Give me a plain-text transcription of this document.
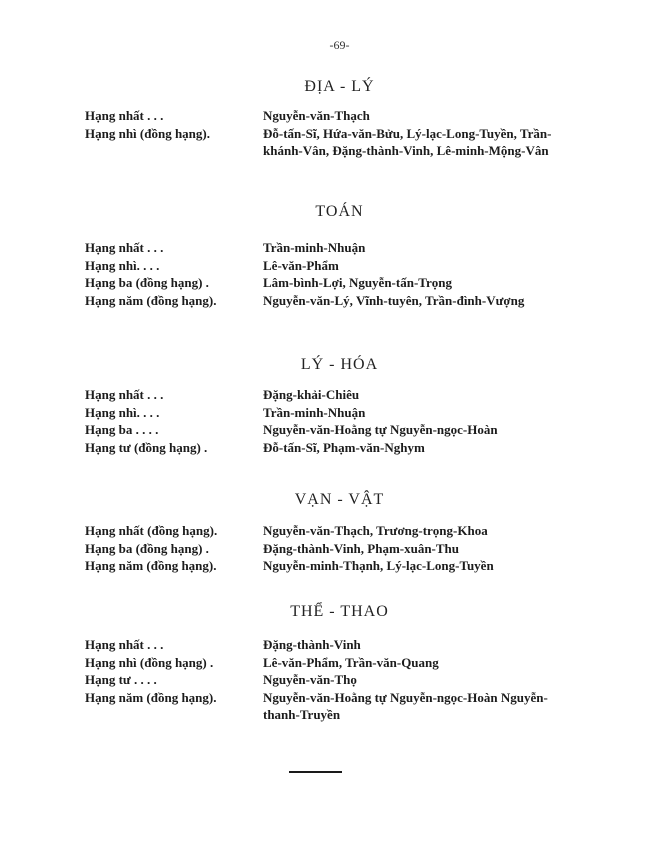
-69-
ĐỊA - LÝ
Hạng nhất . . .	Nguyễn-văn-Thạch
Hạng nhì (đồng hạng).	Đỗ-tấn-Sĩ, Hứa-văn-Bửu, Lý-lạc-Long-Tuyền, Trần-khánh-Vân, Đặng-thành-Vinh, Lê-minh-Mộng-Vân
TOÁN
Hạng nhất . . .	Trần-minh-Nhuận
Hạng nhì. . . .	Lê-văn-Phẩm
Hạng ba (đồng hạng) .	Lâm-bình-Lợi, Nguyễn-tấn-Trọng
Hạng năm (đồng hạng).	Nguyễn-văn-Lý, Vĩnh-tuyên, Trần-đình-Vượng
LÝ - HÓA
Hạng nhất . . .	Đặng-khải-Chiêu
Hạng nhì. . . .	Trần-minh-Nhuận
Hạng ba . . . .	Nguyễn-văn-Hoằng tự Nguyễn-ngọc-Hoàn
Hạng tư (đồng hạng) .	Đỗ-tấn-Sĩ, Phạm-văn-Nghym
VẠN - VẬT
Hạng nhất (đồng hạng).	Nguyễn-văn-Thạch, Trương-trọng-Khoa
Hạng ba (đồng hạng) .	Đặng-thành-Vinh, Phạm-xuân-Thu
Hạng năm (đồng hạng).	Nguyễn-minh-Thạnh, Lý-lạc-Long-Tuyền
THỂ - THAO
Hạng nhất . . .	Đặng-thành-Vinh
Hạng nhì (đồng hạng) .	Lê-văn-Phẩm, Trần-văn-Quang
Hạng tư . . . .	Nguyễn-văn-Thọ
Hạng năm (đồng hạng).	Nguyễn-văn-Hoằng tự Nguyễn-ngọc-Hoàn Nguyễn-thanh-Truyền
